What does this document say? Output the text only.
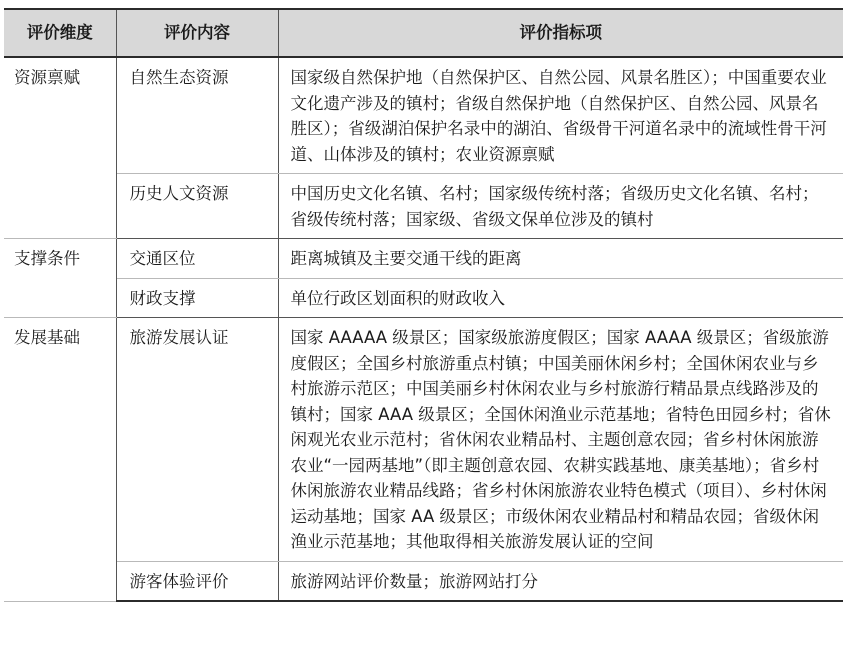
评价维度	评价内容	评价指标项
资源禀赋	自然生态资源	国家级自然保护地（自然保护区、自然公园、风景名胜区）；中国重要农业文化遗产涉及的镇村；省级自然保护地（自然保护区、自然公园、风景名胜区）；省级湖泊保护名录中的湖泊、省级骨干河道名录中的流域性骨干河道、山体涉及的镇村；农业资源禀赋
	历史人文资源	中国历史文化名镇、名村；国家级传统村落；省级历史文化名镇、名村；省级传统村落；国家级、省级文保单位涉及的镇村
支撑条件	交通区位	距离城镇及主要交通干线的距离
	财政支撑	单位行政区划面积的财政收入
发展基础	旅游发展认证	国家 AAAAA 级景区；国家级旅游度假区；国家 AAAA 级景区；省级旅游度假区；全国乡村旅游重点村镇；中国美丽休闲乡村；全国休闲农业与乡村旅游示范区；中国美丽乡村休闲农业与乡村旅游行精品景点线路涉及的镇村；国家 AAA 级景区；全国休闲渔业示范基地；省特色田园乡村；省休闲观光农业示范村；省休闲农业精品村、主题创意农园；省乡村休闲旅游农业“一园两基地”（即主题创意农园、农耕实践基地、康美基地）；省乡村休闲旅游农业精品线路；省乡村休闲旅游农业特色模式（项目）、乡村休闲运动基地；国家 AA 级景区；市级休闲农业精品村和精品农园；省级休闲渔业示范基地；其他取得相关旅游发展认证的空间
	游客体验评价	旅游网站评价数量；旅游网站打分
